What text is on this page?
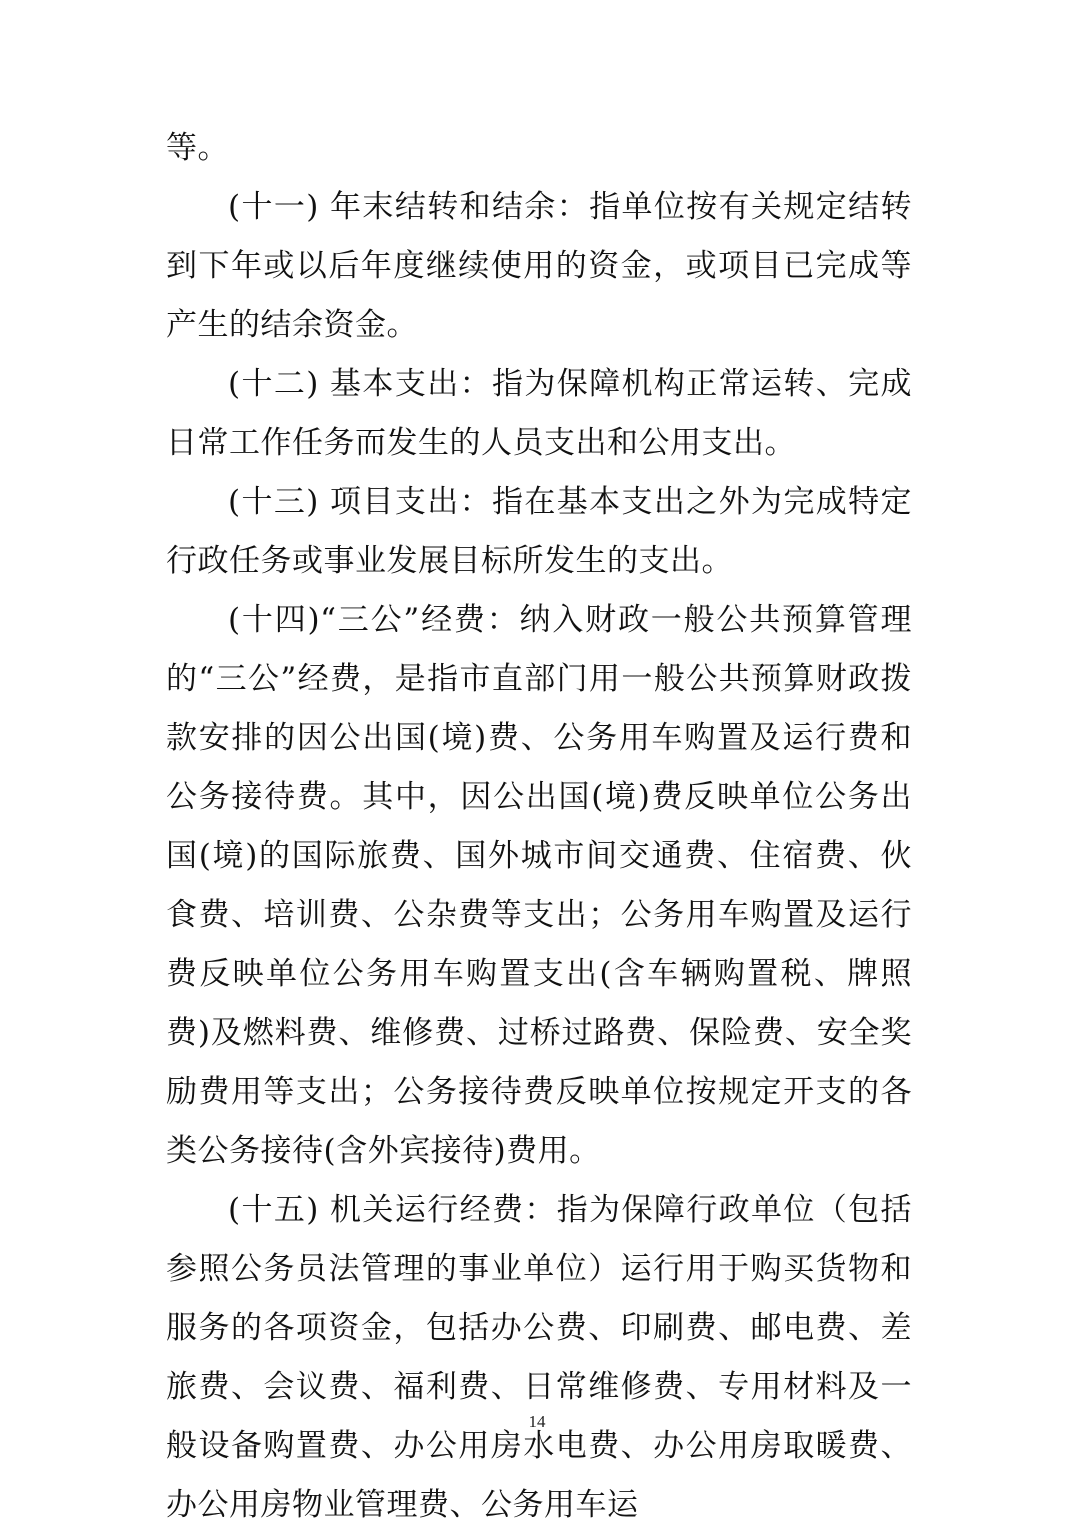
等。

(十一) 年末结转和结余：指单位按有关规定结转到下年或以后年度继续使用的资金，或项目已完成等产生的结余资金。

(十二) 基本支出：指为保障机构正常运转、完成日常工作任务而发生的人员支出和公用支出。

(十三) 项目支出：指在基本支出之外为完成特定行政任务或事业发展目标所发生的支出。

(十四)“三公”经费：纳入财政一般公共预算管理的“三公”经费，是指市直部门用一般公共预算财政拨款安排的因公出国(境)费、公务用车购置及运行费和公务接待费。其中，因公出国(境)费反映单位公务出国(境)的国际旅费、国外城市间交通费、住宿费、伙食费、培训费、公杂费等支出；公务用车购置及运行费反映单位公务用车购置支出(含车辆购置税、牌照费)及燃料费、维修费、过桥过路费、保险费、安全奖励费用等支出；公务接待费反映单位按规定开支的各类公务接待(含外宾接待)费用。

(十五) 机关运行经费：指为保障行政单位（包括参照公务员法管理的事业单位）运行用于购买货物和服务的各项资金，包括办公费、印刷费、邮电费、差旅费、会议费、福利费、日常维修费、专用材料及一般设备购置费、办公用房水电费、办公用房取暖费、办公用房物业管理费、公务用车运

14
